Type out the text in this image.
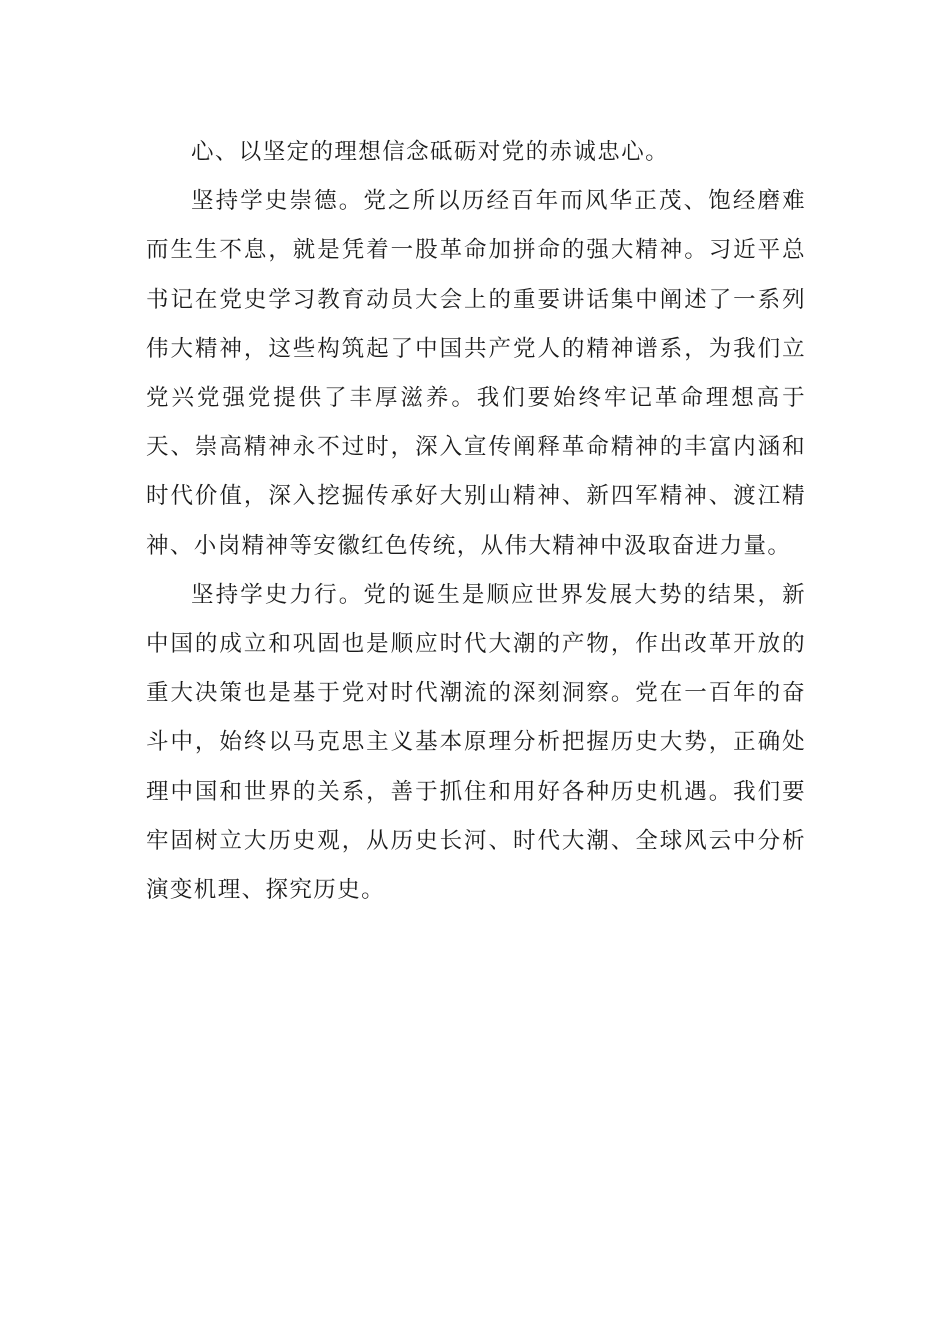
心、以坚定的理想信念砥砺对党的赤诚忠心。

坚持学史崇德。党之所以历经百年而风华正茂、饱经磨难而生生不息，就是凭着一股革命加拼命的强大精神。习近平总书记在党史学习教育动员大会上的重要讲话集中阐述了一系列伟大精神，这些构筑起了中国共产党人的精神谱系，为我们立党兴党强党提供了丰厚滋养。我们要始终牢记革命理想高于天、崇高精神永不过时，深入宣传阐释革命精神的丰富内涵和时代价值，深入挖掘传承好大别山精神、新四军精神、渡江精神、小岗精神等安徽红色传统，从伟大精神中汲取奋进力量。

坚持学史力行。党的诞生是顺应世界发展大势的结果，新中国的成立和巩固也是顺应时代大潮的产物，作出改革开放的重大决策也是基于党对时代潮流的深刻洞察。党在一百年的奋斗中，始终以马克思主义基本原理分析把握历史大势，正确处理中国和世界的关系，善于抓住和用好各种历史机遇。我们要牢固树立大历史观，从历史长河、时代大潮、全球风云中分析演变机理、探究历史。
